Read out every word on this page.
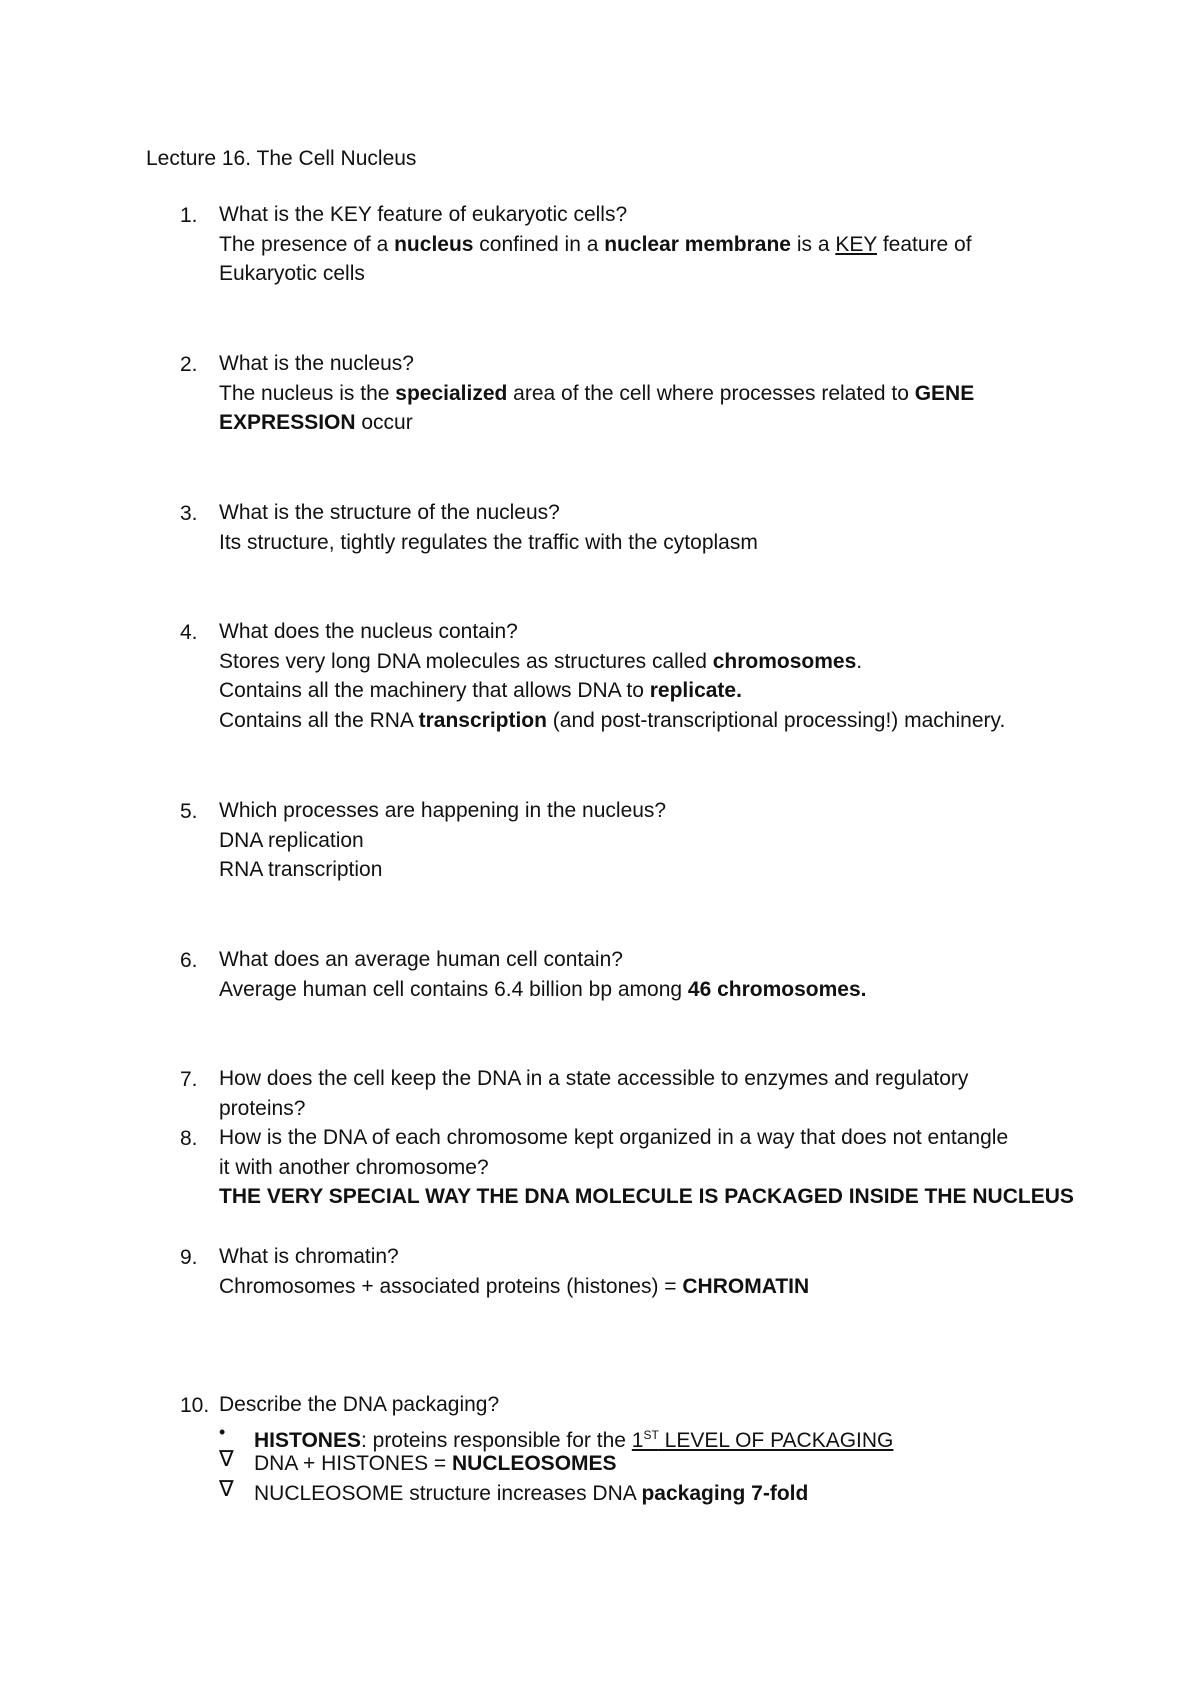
Lecture 16. The Cell Nucleus
1.	What is the KEY feature of eukaryotic cells?
The presence of a nucleus confined in a nuclear membrane is a KEY feature of
Eukaryotic cells
2.	What is the nucleus?
The nucleus is the specialized area of the cell where processes related to GENE
EXPRESSION occur
3.	What is the structure of the nucleus?
Its structure, tightly regulates the traffic with the cytoplasm
4.	What does the nucleus contain?
Stores very long DNA molecules as structures called chromosomes.
Contains all the machinery that allows DNA to replicate.
Contains all the RNA transcription (and post-transcriptional processing!) machinery.
5.	Which processes are happening in the nucleus?
DNA replication
RNA transcription
6.	What does an average human cell contain?
Average human cell contains 6.4 billion bp among 46 chromosomes.
7.	How does the cell keep the DNA in a state accessible to enzymes and regulatory
proteins?
8.	How is the DNA of each chromosome kept organized in a way that does not entangle
it with another chromosome?
THE VERY SPECIAL WAY THE DNA MOLECULE IS PACKAGED INSIDE THE NUCLEUS
9.	What is chromatin?
Chromosomes + associated proteins (histones) = CHROMATIN
10. Describe the DNA packaging?
• HISTONES: proteins responsible for the 1ST LEVEL OF PACKAGING
∇ DNA + HISTONES = NUCLEOSOMES
∇ NUCLEOSOME structure increases DNA packaging 7-fold
